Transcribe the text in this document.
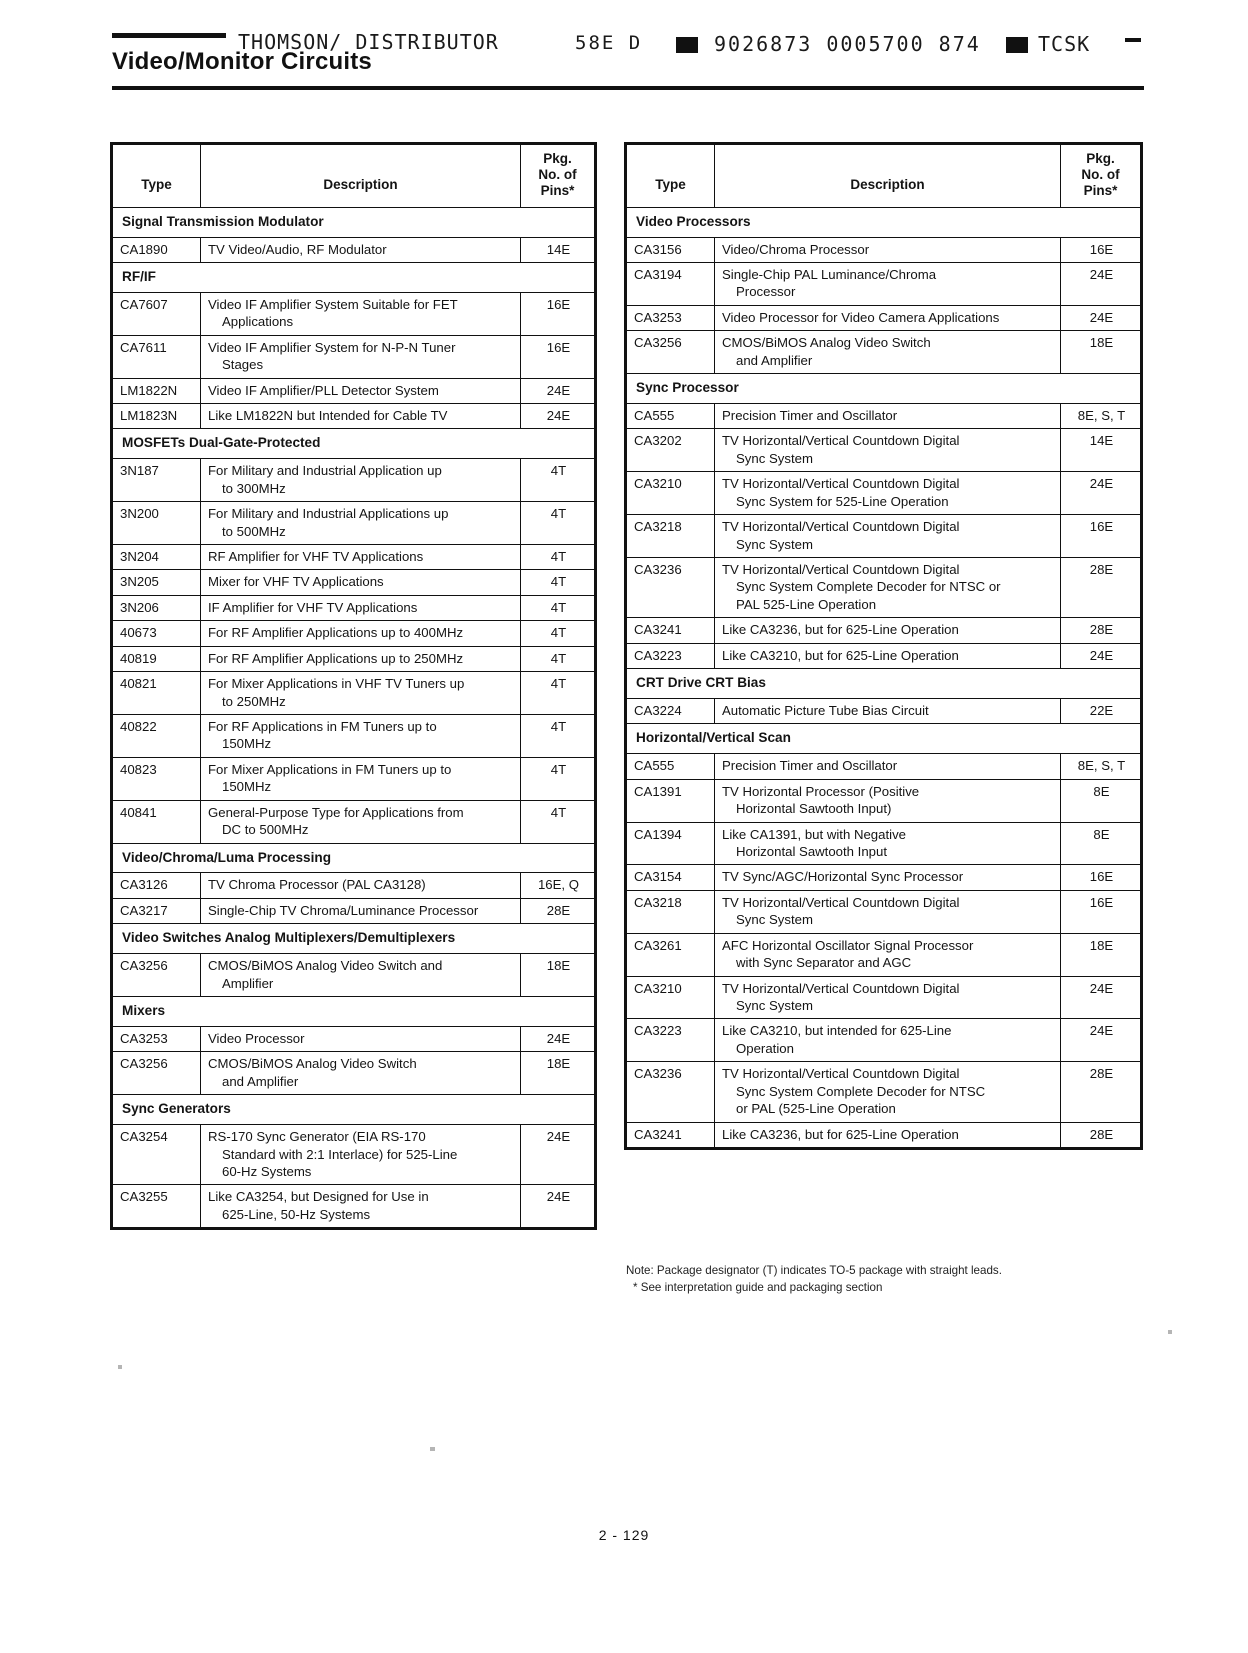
THOMSON/ DISTRIBUTOR	58E D	9026873 0005700 874	TCSK
Video/Monitor Circuits
Type	Description	Pkg.
No. of
Pins*
Signal Transmission Modulator		
CA1890	TV Video/Audio, RF Modulator	14E
RF/IF		
CA7607	Video IF Amplifier System Suitable for FET
Applications	16E
CA7611	Video IF Amplifier System for N-P-N Tuner
Stages	16E
LM1822N	Video IF Amplifier/PLL Detector System	24E
LM1823N	Like LM1822N but Intended for Cable TV	24E
MOSFETs Dual-Gate-Protected		
3N187	For Military and Industrial Application up
to 300MHz	4T
3N200	For Military and Industrial Applications up
to 500MHz	4T
3N204	RF Amplifier for VHF TV Applications	4T
3N205	Mixer for VHF TV Applications	4T
3N206	IF Amplifier for VHF TV Applications	4T
40673	For RF Amplifier Applications up to 400MHz	4T
40819	For RF Amplifier Applications up to 250MHz	4T
40821	For Mixer Applications in VHF TV Tuners up
to 250MHz	4T
40822	For RF Applications in FM Tuners up to
150MHz	4T
40823	For Mixer Applications in FM Tuners up to
150MHz	4T
40841	General-Purpose Type for Applications from
DC to 500MHz	4T
Video/Chroma/Luma Processing		
CA3126	TV Chroma Processor (PAL CA3128)	16E, Q
CA3217	Single-Chip TV Chroma/Luminance Processor	28E
Video Switches Analog Multiplexers/Demultiplexers		
CA3256	CMOS/BiMOS Analog Video Switch and
Amplifier	18E
Mixers		
CA3253	Video Processor	24E
CA3256	CMOS/BiMOS Analog Video Switch
and Amplifier	18E
Sync Generators		
CA3254	RS-170 Sync Generator (EIA RS-170
Standard with 2:1 Interlace) for 525-Line
60-Hz Systems	24E
CA3255	Like CA3254, but Designed for Use in
625-Line, 50-Hz Systems	24E
Type	Description	Pkg.
No. of
Pins*
Video Processors		
CA3156	Video/Chroma Processor	16E
CA3194	Single-Chip PAL Luminance/Chroma
Processor	24E
CA3253	Video Processor for Video Camera Applications	24E
CA3256	CMOS/BiMOS Analog Video Switch
and Amplifier	18E
Sync Processor		
CA555	Precision Timer and Oscillator	8E, S, T
CA3202	TV Horizontal/Vertical Countdown Digital
Sync System	14E
CA3210	TV Horizontal/Vertical Countdown Digital
Sync System for 525-Line Operation	24E
CA3218	TV Horizontal/Vertical Countdown Digital
Sync System	16E
CA3236	TV Horizontal/Vertical Countdown Digital
Sync System Complete Decoder for NTSC or
PAL 525-Line Operation	28E
CA3241	Like CA3236, but for 625-Line Operation	28E
CA3223	Like CA3210, but for 625-Line Operation	24E
CRT Drive CRT Bias		
CA3224	Automatic Picture Tube Bias Circuit	22E
Horizontal/Vertical Scan		
CA555	Precision Timer and Oscillator	8E, S, T
CA1391	TV Horizontal Processor (Positive
Horizontal Sawtooth Input)	8E
CA1394	Like CA1391, but with Negative
Horizontal Sawtooth Input	8E
CA3154	TV Sync/AGC/Horizontal Sync Processor	16E
CA3218	TV Horizontal/Vertical Countdown Digital
Sync System	16E
CA3261	AFC Horizontal Oscillator Signal Processor
with Sync Separator and AGC	18E
CA3210	TV Horizontal/Vertical Countdown Digital
Sync System	24E
CA3223	Like CA3210, but intended for 625-Line
Operation	24E
CA3236	TV Horizontal/Vertical Countdown Digital
Sync System Complete Decoder for NTSC
or PAL (525-Line Operation	28E
CA3241	Like CA3236, but for 625-Line Operation	28E
Note: Package designator (T) indicates TO-5 package with straight leads.
* See interpretation guide and packaging section
2 - 129
